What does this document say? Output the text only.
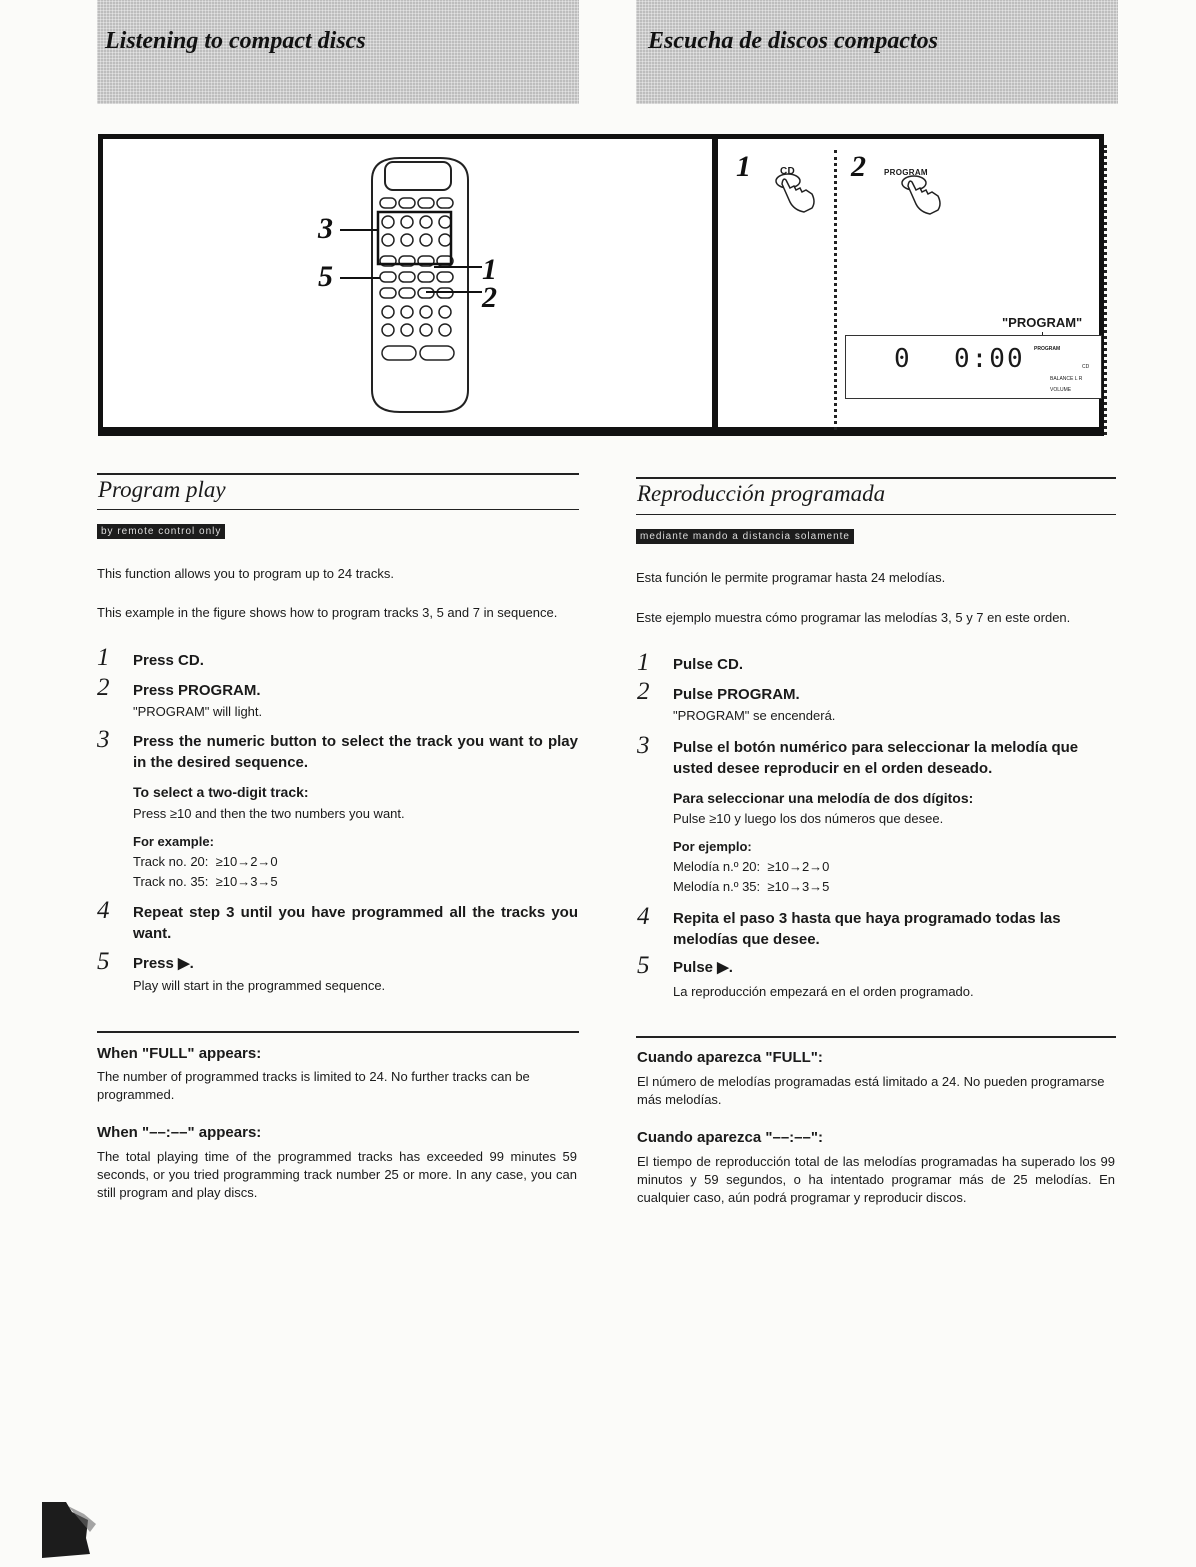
Listening to compact discs	Escucha de discos compactos
3
5	1
2
1	CD 2 PROGRAM
"PROGRAM"
0 0:00 PROGRAM
CD
BALANCE L R
VOLUME
Program play
by remote control only
This function allows you to program up to 24 tracks.
This example in the figure shows how to program tracks 3, 5 and 7 in sequence.
1 Press CD.
2 Press PROGRAM.
"PROGRAM" will light.
3 Press the numeric button to select the track you want to play in the desired sequence.
To select a two-digit track:
Press ≥10 and then the two numbers you want.
For example:
Track no. 20:  ≥10→2→0
Track no. 35:  ≥10→3→5
4 Repeat step 3 until you have programmed all the tracks you want.
5 Press ▶.
Play will start in the programmed sequence.
When "FULL" appears:
The number of programmed tracks is limited to 24. No further tracks can be programmed.
When "––:––" appears:
The total playing time of the programmed tracks has exceeded 99 minutes 59 seconds, or you tried programming track number 25 or more. In any case, you can still program and play discs.
Reproducción programada
mediante mando a distancia solamente
Esta función le permite programar hasta 24 melodías.
Este ejemplo muestra cómo programar las melodías 3, 5 y 7 en este orden.
1 Pulse CD.
2 Pulse PROGRAM.
"PROGRAM" se encenderá.
3 Pulse el botón numérico para seleccionar la melodía que usted desee reproducir en el orden deseado.
Para seleccionar una melodía de dos dígitos:
Pulse ≥10 y luego los dos números que desee.
Por ejemplo:
Melodía n.º 20:  ≥10→2→0
Melodía n.º 35:  ≥10→3→5
4 Repita el paso 3 hasta que haya programado todas las melodías que desee.
5 Pulse ▶.
La reproducción empezará en el orden programado.
Cuando aparezca "FULL":
El número de melodías programadas está limitado a 24. No pueden programarse más melodías.
Cuando aparezca "––:––":
El tiempo de reproducción total de las melodías programadas ha superado los 99 minutos y 59 segundos, o ha intentado programar más de 25 melodías. En cualquier caso, aún podrá programar y reproducir discos.
